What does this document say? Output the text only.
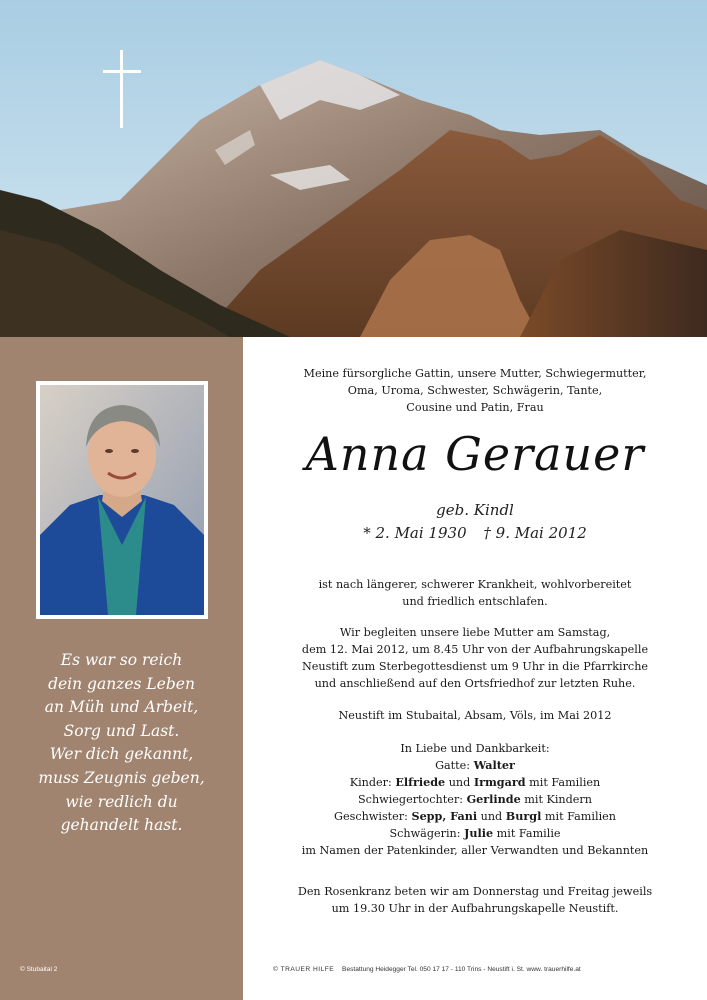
Es war so reich
dein ganzes Leben
an Müh und Arbeit,
Sorg und Last.
Wer dich gekannt,
muss Zeugnis geben,
wie redlich du
gehandelt hast.
© Stubaital 2
Meine fürsorgliche Gattin, unsere Mutter, Schwiegermutter,
Oma, Uroma, Schwester, Schwägerin, Tante,
Cousine und Patin, Frau
Anna Gerauer
geb. Kindl
* 2. Mai 1930 † 9. Mai 2012
ist nach längerer, schwerer Krankheit, wohlvorbereitet
und friedlich entschlafen.
Wir begleiten unsere liebe Mutter am Samstag,
dem 12. Mai 2012, um 8.45 Uhr von der Aufbahrungskapelle
Neustift zum Sterbegottesdienst um 9 Uhr in die Pfarrkirche
und anschließend auf den Ortsfriedhof zur letzten Ruhe.
Neustift im Stubaital, Absam, Völs, im Mai 2012
In Liebe und Dankbarkeit:
Gatte: Walter
Kinder: Elfriede und Irmgard mit Familien
Schwiegertochter: Gerlinde mit Kindern
Geschwister: Sepp, Fani und Burgl mit Familien
Schwägerin: Julie mit Familie
im Namen der Patenkinder, aller Verwandten und Bekannten
Den Rosenkranz beten wir am Donnerstag und Freitag jeweils
um 19.30 Uhr in der Aufbahrungskapelle Neustift.
© TRAUER HILFE Bestattung Heidegger Tel. 050 17 17 - 110 Trins - Neustift i. St. www. trauerhilfe.at
